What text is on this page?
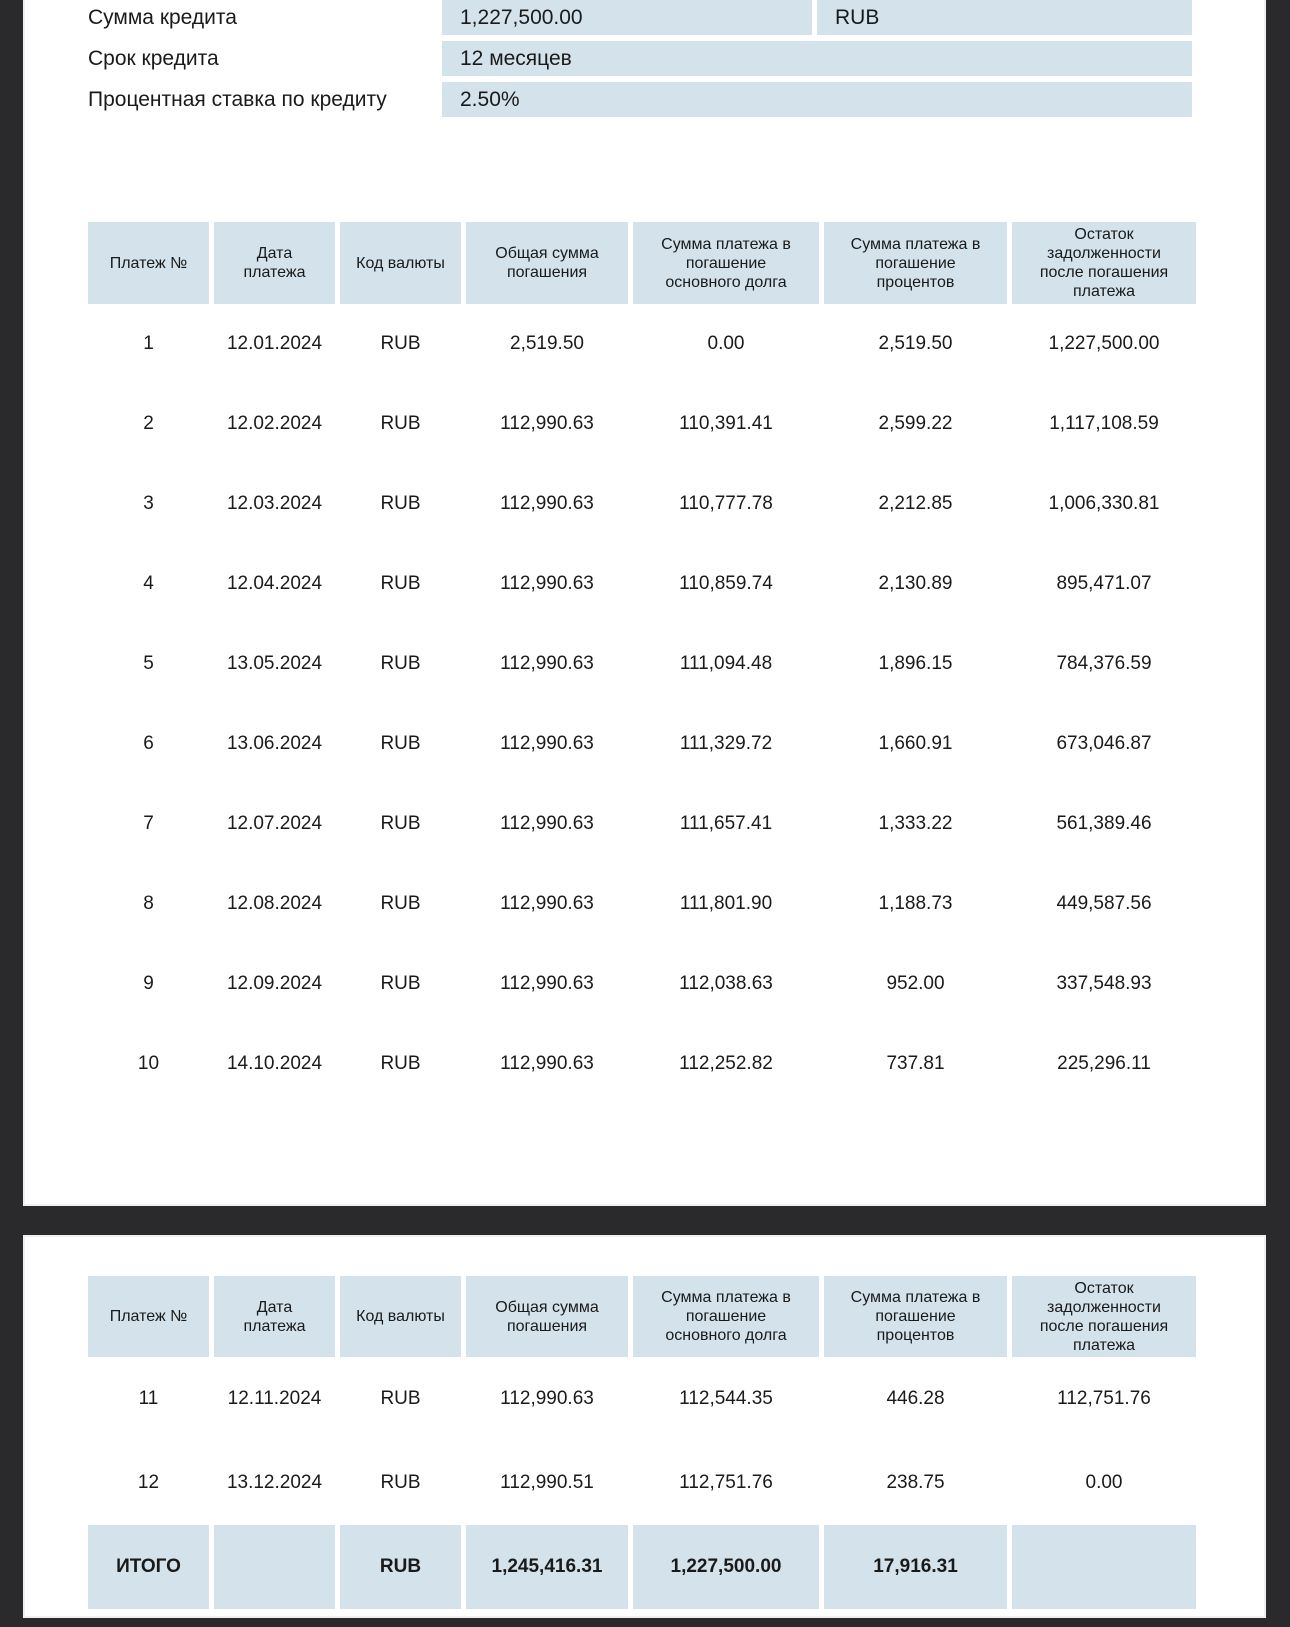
Сумма кредита	1,227,500.00	RUB
Срок кредита	12 месяцев
Процентная ставка по кредиту	2.50%
Платеж №	Дата платежа	Код валюты	Общая сумма погашения	Сумма платежа в погашение основного долга	Сумма платежа в погашение процентов	Остаток задолженности после погашения платежа
1	12.01.2024	RUB	2,519.50	0.00	2,519.50	1,227,500.00
2	12.02.2024	RUB	112,990.63	110,391.41	2,599.22	1,117,108.59
3	12.03.2024	RUB	112,990.63	110,777.78	2,212.85	1,006,330.81
4	12.04.2024	RUB	112,990.63	110,859.74	2,130.89	895,471.07
5	13.05.2024	RUB	112,990.63	111,094.48	1,896.15	784,376.59
6	13.06.2024	RUB	112,990.63	111,329.72	1,660.91	673,046.87
7	12.07.2024	RUB	112,990.63	111,657.41	1,333.22	561,389.46
8	12.08.2024	RUB	112,990.63	111,801.90	1,188.73	449,587.56
9	12.09.2024	RUB	112,990.63	112,038.63	952.00	337,548.93
10	14.10.2024	RUB	112,990.63	112,252.82	737.81	225,296.11
Платеж №	Дата платежа	Код валюты	Общая сумма погашения	Сумма платежа в погашение основного долга	Сумма платежа в погашение процентов	Остаток задолженности после погашения платежа
11	12.11.2024	RUB	112,990.63	112,544.35	446.28	112,751.76
12	13.12.2024	RUB	112,990.51	112,751.76	238.75	0.00
ИТОГО		RUB	1,245,416.31	1,227,500.00	17,916.31	
